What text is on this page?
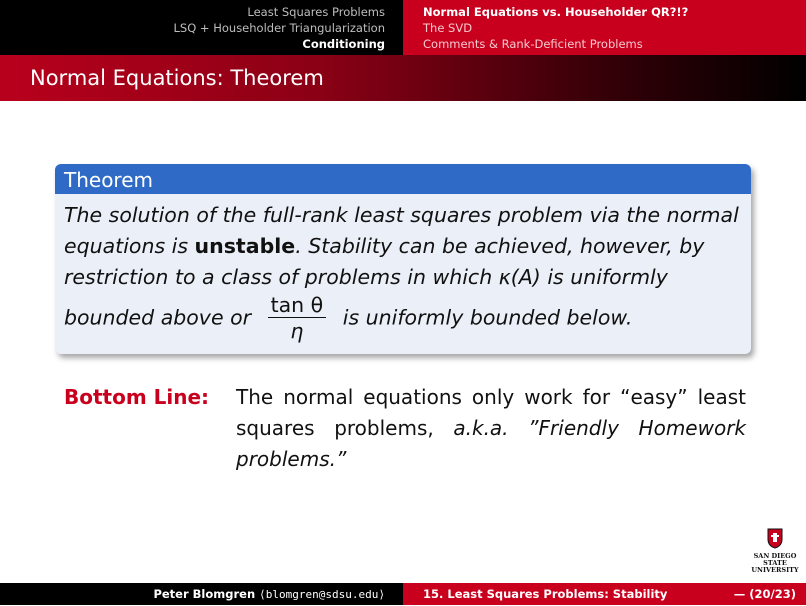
Least Squares Problems
LSQ + Householder Triangularization
Conditioning
Normal Equations vs. Householder QR?!?
The SVD
Comments & Rank-Deficient Problems
Normal Equations: Theorem
Theorem
The solution of the full-rank least squares problem via the normal equations is unstable. Stability can be achieved, however, by restriction to a class of problems in which κ(A) is uniformly bounded above or $\frac{\text{tan θ}}{\eta}$ is uniformly bounded below.
Bottom Line:	The normal equations only work for “easy” least squares problems, a.k.a. ”Friendly Homework problems.”
SAN DIEGO STATE
UNIVERSITY
Peter Blomgren ⟨blomgren@sdsu.edu⟩	15. Least Squares Problems: Stability	— (20/23)
